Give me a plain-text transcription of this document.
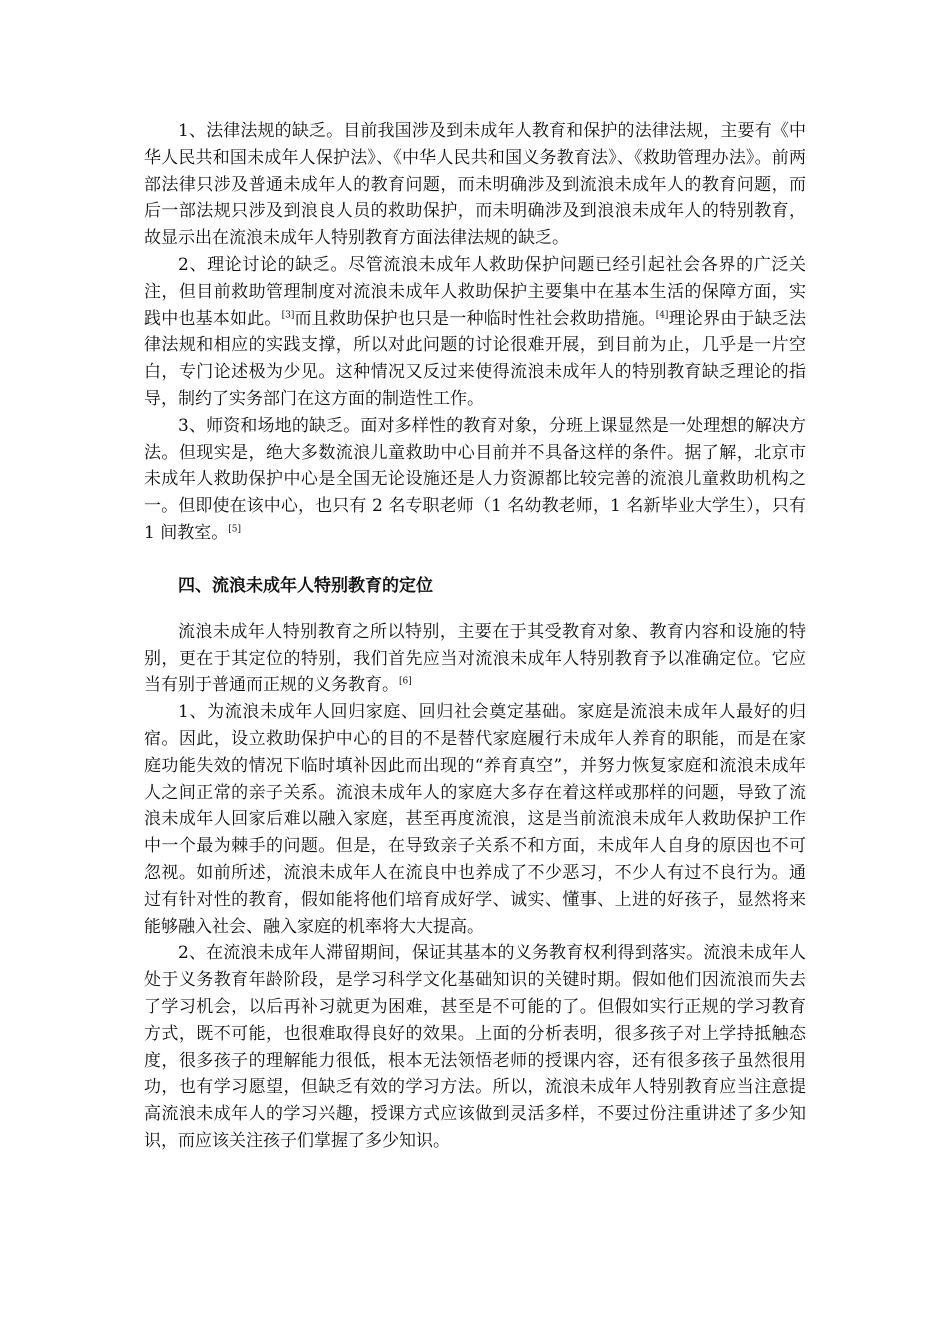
1、法律法规的缺乏。目前我国涉及到未成年人教育和保护的法律法规，主要有《中华人民共和国未成年人保护法》、《中华人民共和国义务教育法》、《救助管理办法》。前两部法律只涉及普通未成年人的教育问题，而未明确涉及到流浪未成年人的教育问题，而后一部法规只涉及到浪良人员的救助保护，而未明确涉及到浪浪未成年人的特别教育，故显示出在流浪未成年人特别教育方面法律法规的缺乏。

2、理论讨论的缺乏。尽管流浪未成年人救助保护问题已经引起社会各界的广泛关注，但目前救助管理制度对流浪未成年人救助保护主要集中在基本生活的保障方面，实践中也基本如此。[3]而且救助保护也只是一种临时性社会救助措施。[4]理论界由于缺乏法律法规和相应的实践支撑，所以对此问题的讨论很难开展，到目前为止，几乎是一片空白，专门论述极为少见。这种情况又反过来使得流浪未成年人的特别教育缺乏理论的指导，制约了实务部门在这方面的制造性工作。

3、师资和场地的缺乏。面对多样性的教育对象，分班上课显然是一处理想的解决方法。但现实是，绝大多数流浪儿童救助中心目前并不具备这样的条件。据了解，北京市未成年人救助保护中心是全国无论设施还是人力资源都比较完善的流浪儿童救助机构之一。但即使在该中心，也只有 2 名专职老师（1 名幼教老师，1 名新毕业大学生），只有 1 间教室。[5]

四、流浪未成年人特别教育的定位

流浪未成年人特别教育之所以特别，主要在于其受教育对象、教育内容和设施的特别，更在于其定位的特别，我们首先应当对流浪未成年人特别教育予以准确定位。它应当有别于普通而正规的义务教育。[6]

1、为流浪未成年人回归家庭、回归社会奠定基础。家庭是流浪未成年人最好的归宿。因此，设立救助保护中心的目的不是替代家庭履行未成年人养育的职能，而是在家庭功能失效的情况下临时填补因此而出现的“养育真空”，并努力恢复家庭和流浪未成年人之间正常的亲子关系。流浪未成年人的家庭大多存在着这样或那样的问题，导致了流浪未成年人回家后难以融入家庭，甚至再度流浪，这是当前流浪未成年人救助保护工作中一个最为棘手的问题。但是，在导致亲子关系不和方面，未成年人自身的原因也不可忽视。如前所述，流浪未成年人在流良中也养成了不少恶习，不少人有过不良行为。通过有针对性的教育，假如能将他们培育成好学、诚实、懂事、上进的好孩子，显然将来能够融入社会、融入家庭的机率将大大提高。

2、在流浪未成年人滞留期间，保证其基本的义务教育权利得到落实。流浪未成年人处于义务教育年龄阶段，是学习科学文化基础知识的关键时期。假如他们因流浪而失去了学习机会，以后再补习就更为困难，甚至是不可能的了。但假如实行正规的学习教育方式，既不可能，也很难取得良好的效果。上面的分析表明，很多孩子对上学持抵触态度，很多孩子的理解能力很低，根本无法领悟老师的授课内容，还有很多孩子虽然很用功，也有学习愿望，但缺乏有效的学习方法。所以，流浪未成年人特别教育应当注意提高流浪未成年人的学习兴趣，授课方式应该做到灵活多样，不要过份注重讲述了多少知识，而应该关注孩子们掌握了多少知识。
